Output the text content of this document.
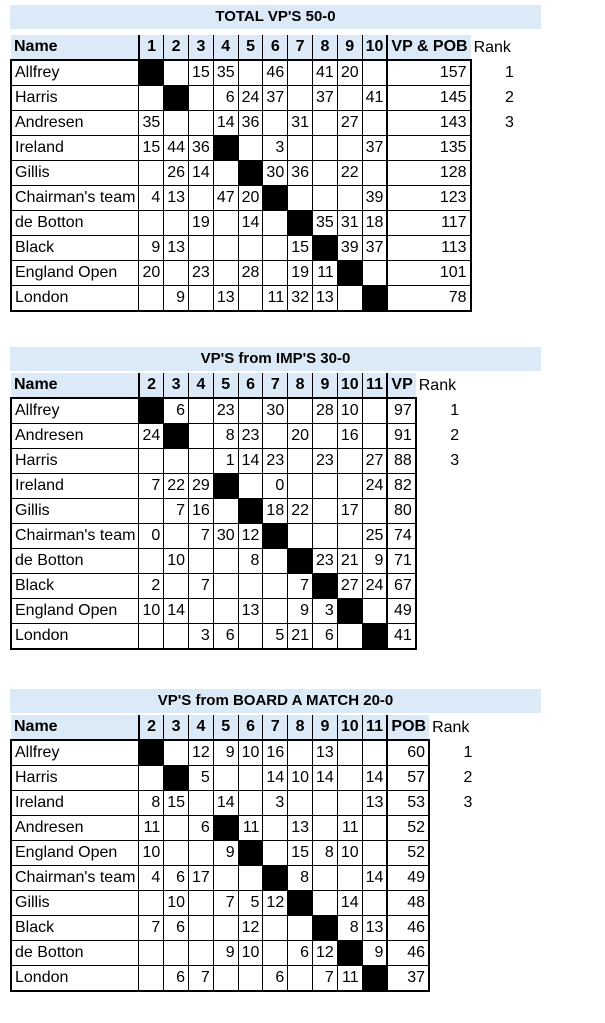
TOTAL VP'S 50-0
Name	1	2	3	4	5	6	7	8	9	10	VP & POB	Rank
Allfrey			15	35		46		41	20		157	1
Harris				6	24	37		37		41	145	2
Andresen	35			14	36		31		27		143	3
Ireland	15	44	36			3				37	135	
Gillis		26	14			30	36		22		128	
Chairman's team	4	13		47	20					39	123	
de Botton			19		14			35	31	18	117	
Black	9	13					15		39	37	113	
England Open	20		23		28		19	11			101	
London		9		13		11	32	13			78	
VP'S from IMP'S 30-0
Name	2	3	4	5	6	7	8	9	10	11	VP	Rank
Allfrey		6		23		30		28	10		97	1
Andresen	24			8	23		20		16		91	2
Harris				1	14	23		23		27	88	3
Ireland	7	22	29			0				24	82	
Gillis		7	16			18	22		17		80	
Chairman's team	0		7	30	12					25	74	
de Botton		10			8			23	21	9	71	
Black	2		7				7		27	24	67	
England Open	10	14			13		9	3			49	
London			3	6		5	21	6			41	
VP'S from BOARD A MATCH 20-0
Name	2	3	4	5	6	7	8	9	10	11	POB	Rank
Allfrey			12	9	10	16		13			60	1
Harris			5			14	10	14		14	57	2
Ireland	8	15		14		3				13	53	3
Andresen	11		6		11		13		11		52	
England Open	10			9			15	8	10		52	
Chairman's team	4	6	17				8			14	49	
Gillis		10		7	5	12			14		48	
Black	7	6			12				8	13	46	
de Botton				9	10		6	12		9	46	
London		6	7			6		7	11		37	
